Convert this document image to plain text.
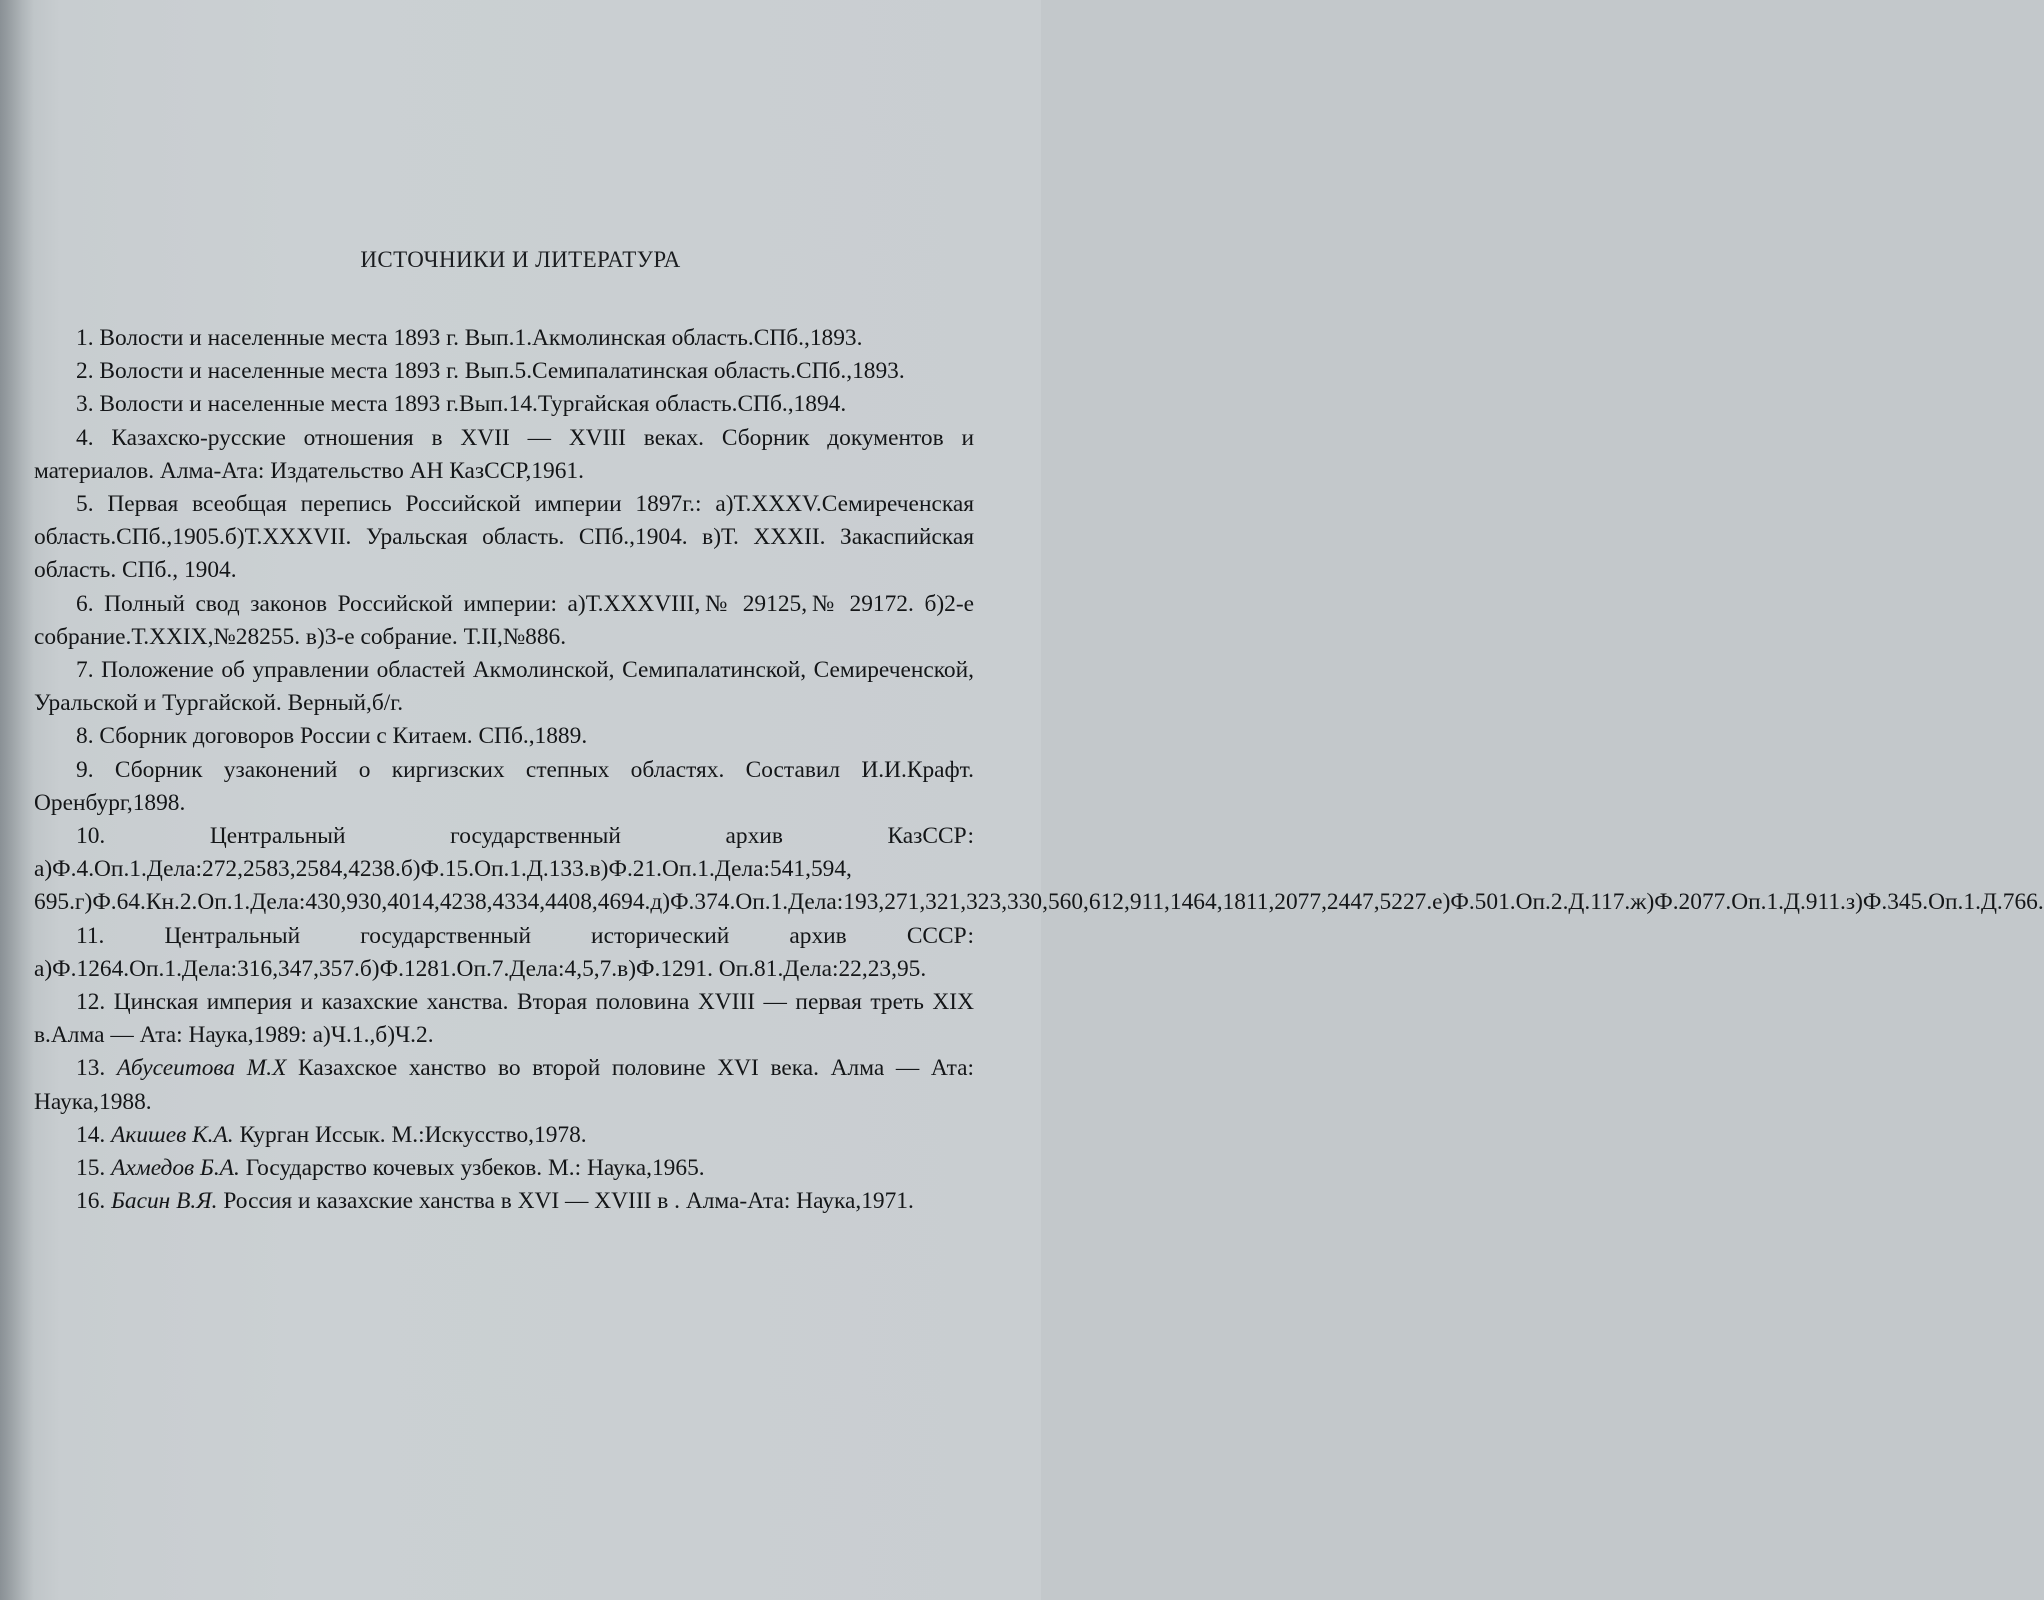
ИСТОЧНИКИ И ЛИТЕРАТУРА

1. Волости и населенные места 1893 г. Вып.1.Акмолинская область.СПб.,1893.

2. Волости и населенные места 1893 г. Вып.5.Семипалатинская область.СПб.,1893.

3. Волости и населенные места 1893 г.Вып.14.Тургайская область.СПб.,1894.

4. Казахско-русские отношения в XVII — XVIII веках. Сборник документов и материалов. Алма-Ата: Издательство АН КазССР,1961.

5. Первая всеобщая перепись Российской империи 1897г.: а)Т.XXXV.Семиреченская область.СПб.,1905.б)Т.XXXVII. Уральская область. СПб.,1904. в)Т. XXXII. Закаспийская область. СПб., 1904.

6. Полный свод законов Российской империи: а)Т.XXXVIII,№ 29125,№ 29172. б)2-е собрание.Т.XXIX,№28255. в)3-е собрание. Т.II,№886.

7. Положение об управлении областей Акмолинской, Семипалатинской, Семиреченской, Уральской и Тургайской. Верный,б/г.

8. Сборник договоров России с Китаем. СПб.,1889.

9. Сборник узаконений о киргизских степных областях. Составил И.И.Крафт. Оренбург,1898.

10. Центральный государственный архив КазССР: а)Ф.4.Оп.1.Дела:272,2583,2584,4238.б)Ф.15.Оп.1.Д.133.в)Ф.21.Оп.1.Дела:541,594, 695.г)Ф.64.Кн.2.Оп.1.Дела:430,930,4014,4238,4334,4408,4694.д)Ф.374.Оп.1.Дела:193,271,321,323,330,560,612,911,1464,1811,2077,2447,5227.е)Ф.501.Оп.2.Д.117.ж)Ф.2077.Оп.1.Д.911.з)Ф.345.Оп.1.Д.766.

11. Центральный государственный исторический архив СССР: а)Ф.1264.Оп.1.Дела:316,347,357.б)Ф.1281.Оп.7.Дела:4,5,7.в)Ф.1291. Оп.81.Дела:22,23,95.

12. Цинская империя и казахские ханства. Вторая половина XVIII — первая треть XIX в.Алма — Ата: Наука,1989: а)Ч.1.,б)Ч.2.

13. Абусеитова М.Х Казахское ханство во второй половине XVI века. Алма — Ата: Наука,1988.

14. Акишев К.А. Курган Иссык. М.:Искусство,1978.

15. Ахмедов Б.А. Государство кочевых узбеков. М.: Наука,1965.

16. Басин В.Я. Россия и казахские ханства в XVI — XVIII в . Алма-Ата: Наука,1971.
